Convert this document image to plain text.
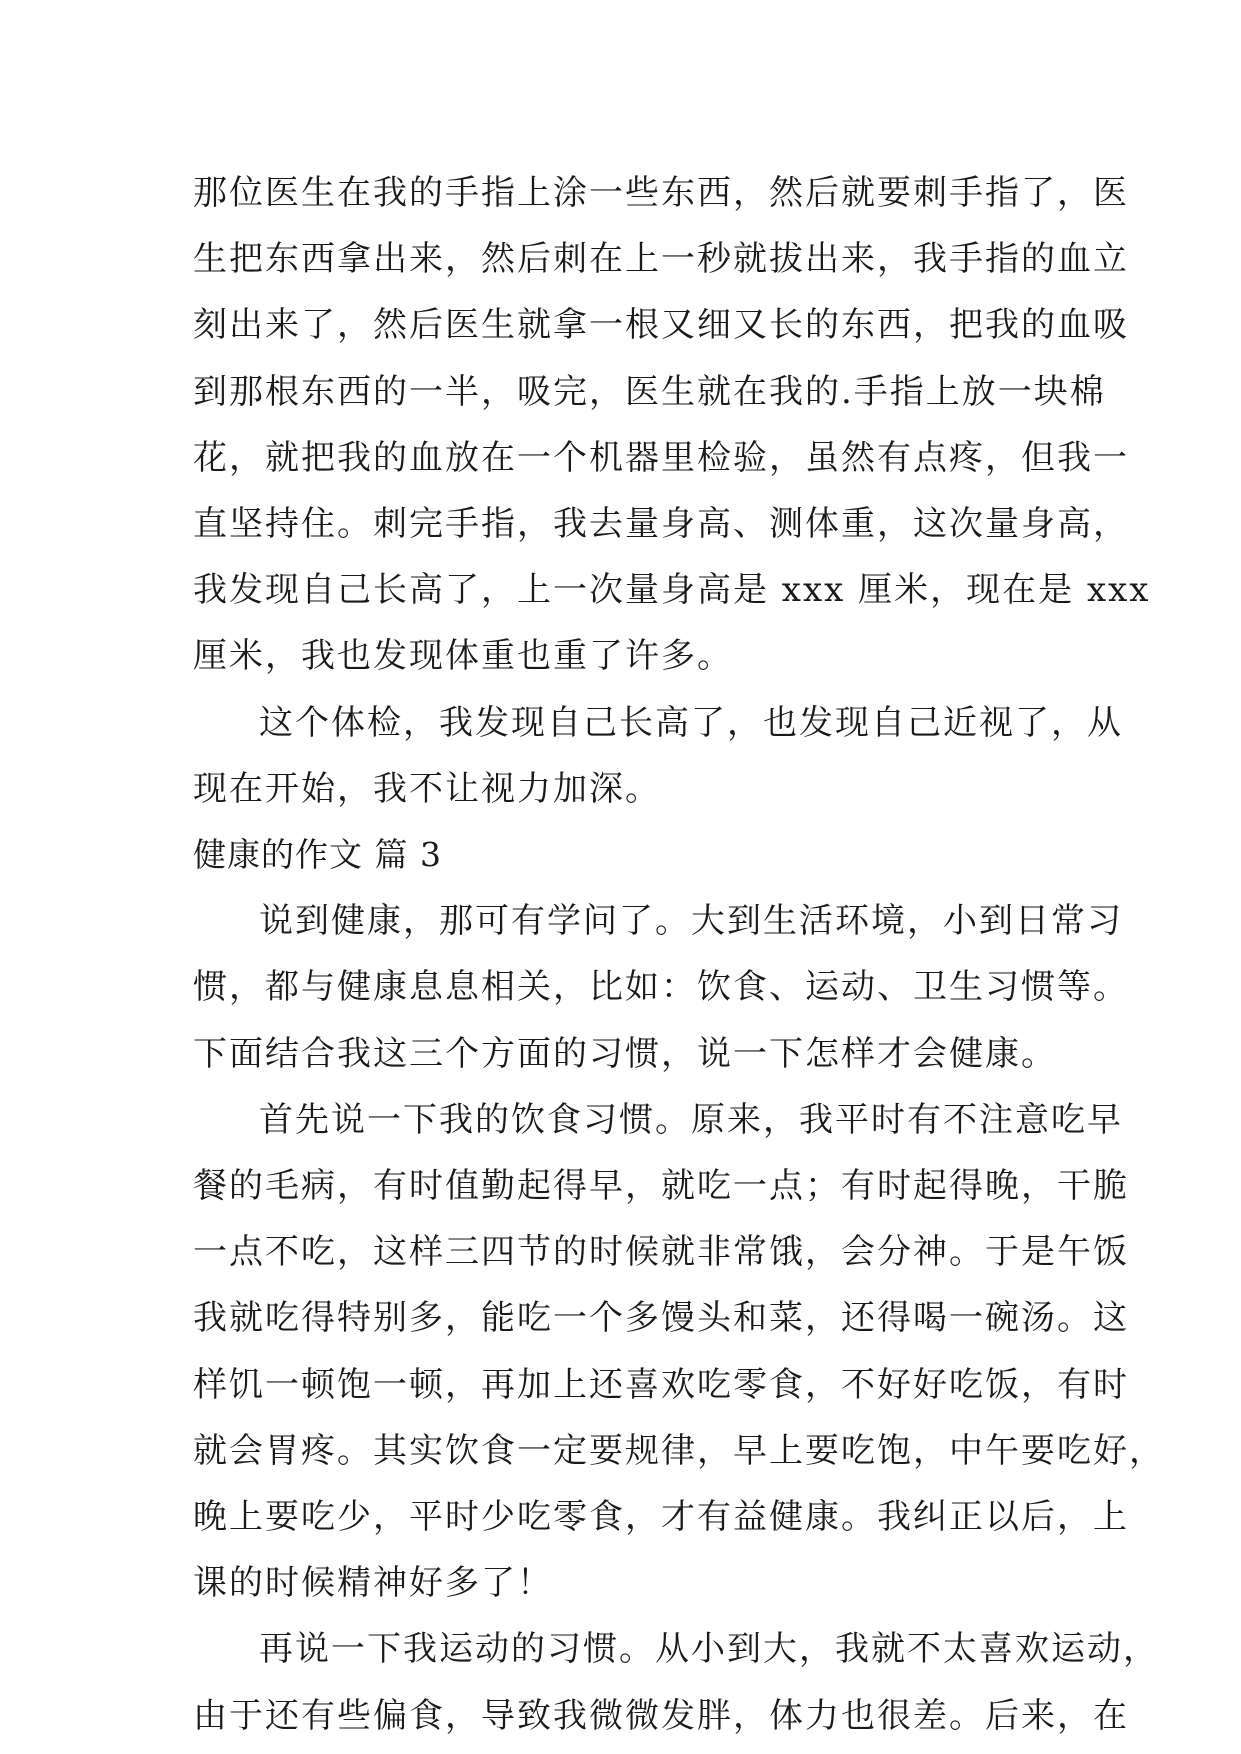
那位医生在我的手指上涂一些东西，然后就要刺手指了，医
生把东西拿出来，然后刺在上一秒就拔出来，我手指的血立
刻出来了，然后医生就拿一根又细又长的东西，把我的血吸
到那根东西的一半，吸完，医生就在我的.手指上放一块棉
花，就把我的血放在一个机器里检验，虽然有点疼，但我一
直坚持住。刺完手指，我去量身高、测体重，这次量身高，
我发现自己长高了，上一次量身高是 xxx 厘米，现在是 xxx
厘米，我也发现体重也重了许多。
这个体检，我发现自己长高了，也发现自己近视了，从
现在开始，我不让视力加深。
健康的作文 篇 3
说到健康，那可有学问了。大到生活环境，小到日常习
惯，都与健康息息相关，比如：饮食、运动、卫生习惯等。
下面结合我这三个方面的习惯，说一下怎样才会健康。
首先说一下我的饮食习惯。原来，我平时有不注意吃早
餐的毛病，有时值勤起得早，就吃一点；有时起得晚，干脆
一点不吃，这样三四节的时候就非常饿，会分神。于是午饭
我就吃得特别多，能吃一个多馒头和菜，还得喝一碗汤。这
样饥一顿饱一顿，再加上还喜欢吃零食，不好好吃饭，有时
就会胃疼。其实饮食一定要规律，早上要吃饱，中午要吃好，
晚上要吃少，平时少吃零食，才有益健康。我纠正以后，上
课的时候精神好多了！
再说一下我运动的习惯。从小到大，我就不太喜欢运动，
由于还有些偏食，导致我微微发胖，体力也很差。后来，在
